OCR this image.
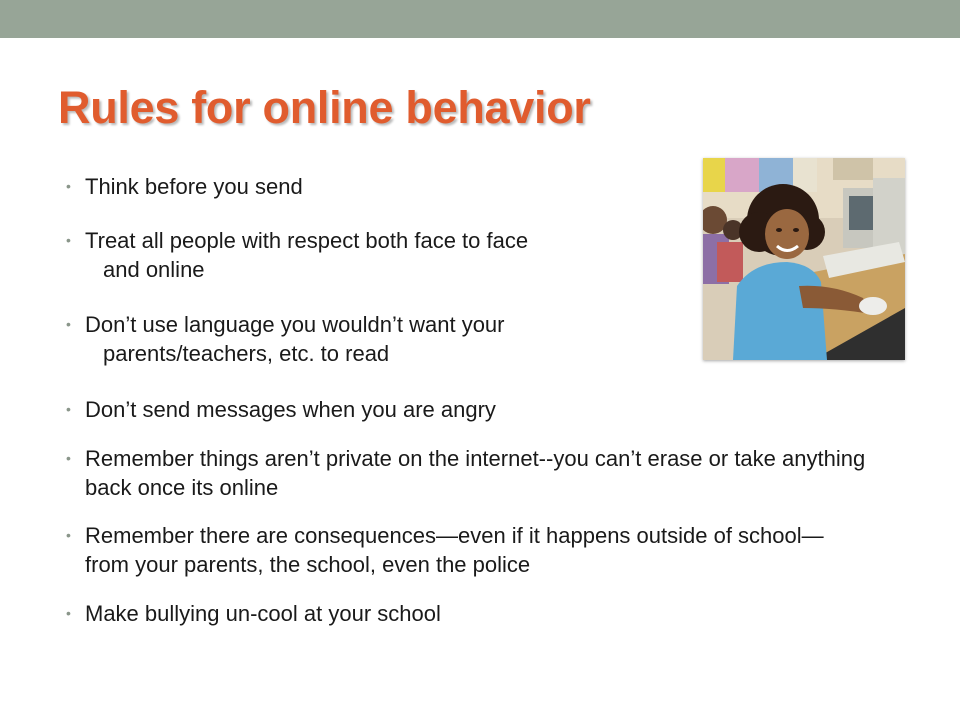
Rules for online behavior
• Think before you send
• Treat all people with respect both face to face
and online
• Don’t use language you wouldn’t want your
parents/teachers, etc. to read
• Don’t send messages when you are angry
• Remember things aren’t private on the internet--you can’t erase or take anything back once its online
• Remember there are consequences—even if it happens outside of school—from your parents, the school, even the police
• Make bullying un-cool at your school
